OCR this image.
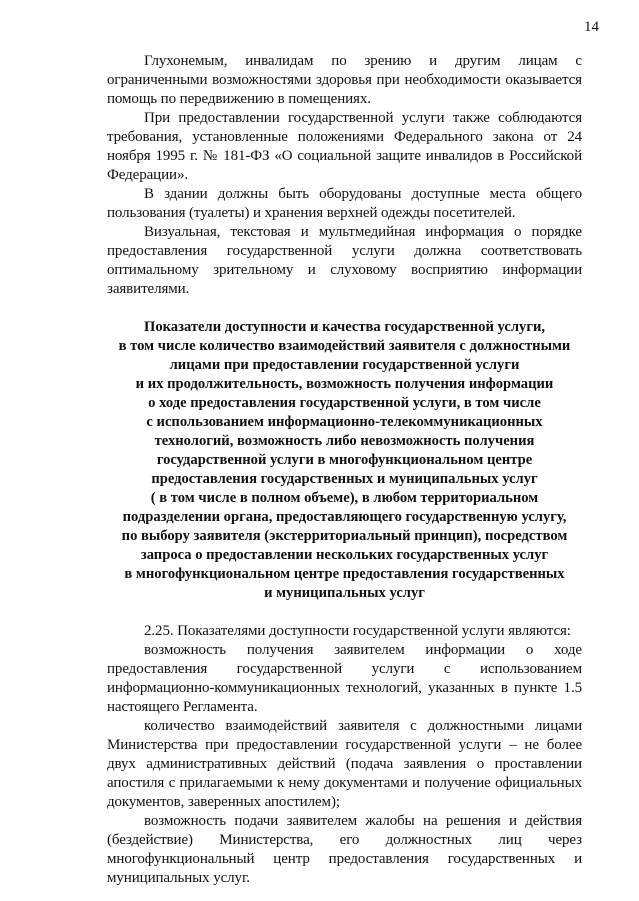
14

Глухонемым, инвалидам по зрению и другим лицам с ограниченными возможностями здоровья при необходимости оказывается помощь по передвижению в помещениях.

При предоставлении государственной услуги также соблюдаются требования, установленные положениями Федерального закона от 24 ноября 1995 г. № 181-ФЗ «О социальной защите инвалидов в Российской Федерации».

В здании должны быть оборудованы доступные места общего пользования (туалеты) и хранения верхней одежды посетителей.

Визуальная, текстовая и мультмедийная информация о порядке предоставления государственной услуги должна соответствовать оптимальному зрительному и слуховому восприятию информации заявителями.

Показатели доступности и качества государственной услуги,
в том числе количество взаимодействий заявителя с должностными
лицами при предоставлении государственной услуги
и их продолжительность, возможность получения информации
о ходе предоставления государственной услуги, в том числе
с использованием информационно-телекоммуникационных
технологий, возможность либо невозможность получения
государственной услуги в многофункциональном центре
предоставления государственных и муниципальных услуг
( в том числе в полном объеме), в любом территориальном
подразделении органа, предоставляющего государственную услугу,
по выбору заявителя (экстерриториальный принцип), посредством
запроса о предоставлении нескольких государственных услуг
в многофункциональном центре предоставления государственных
и муниципальных услуг

2.25. Показателями доступности государственной услуги являются:

возможность получения заявителем информации о ходе предоставления государственной услуги с использованием информационно-коммуникационных технологий, указанных в пункте 1.5 настоящего Регламента.

количество взаимодействий заявителя с должностными лицами Министерства при предоставлении государственной услуги – не более двух административных действий (подача заявления о проставлении апостиля с прилагаемыми к нему документами и получение официальных документов, заверенных апостилем);

возможность подачи заявителем жалобы на решения и действия (бездействие) Министерства, его должностных лиц через многофункциональный центр предоставления государственных и муниципальных услуг.
